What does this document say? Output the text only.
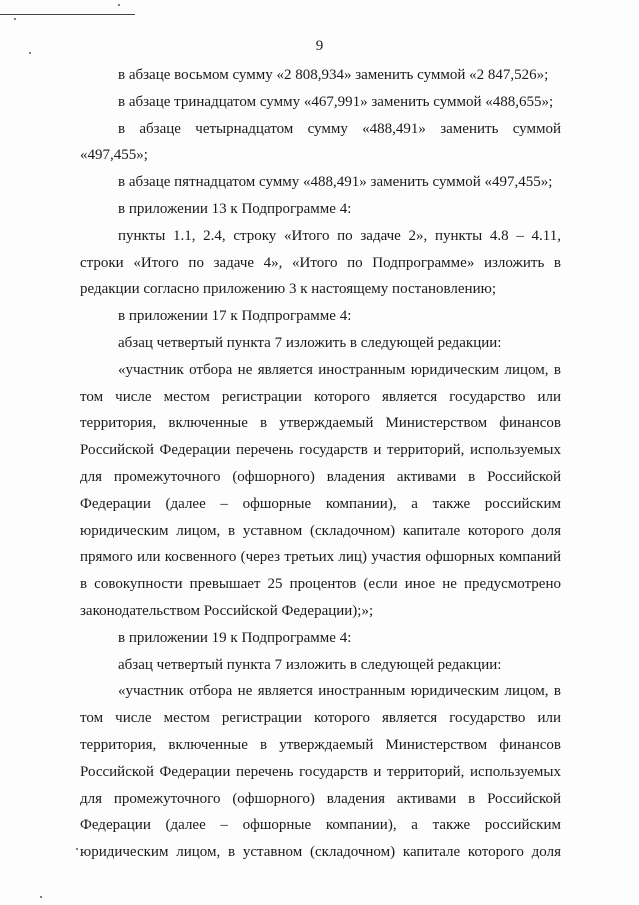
9
в абзаце восьмом сумму «2 808,934» заменить суммой «2 847,526»;
в абзаце тринадцатом сумму «467,991» заменить суммой «488,655»;
в абзаце четырнадцатом сумму «488,491» заменить суммой
«497,455»;
в абзаце пятнадцатом сумму «488,491» заменить суммой «497,455»;
в приложении 13 к Подпрограмме 4:
пункты 1.1, 2.4, строку «Итого по задаче 2», пункты 4.8 – 4.11,
строки «Итого по задаче 4», «Итого по Подпрограмме» изложить в
редакции согласно приложению 3 к настоящему постановлению;
в приложении 17 к Подпрограмме 4:
абзац четвертый пункта 7 изложить в следующей редакции:
«участник отбора не является иностранным юридическим лицом, в
том числе местом регистрации которого является государство или
территория, включенные в утверждаемый Министерством финансов
Российской Федерации перечень государств и территорий, используемых
для промежуточного (офшорного) владения активами в Российской
Федерации (далее – офшорные компании), а также российским
юридическим лицом, в уставном (складочном) капитале которого доля
прямого или косвенного (через третьих лиц) участия офшорных компаний
в совокупности превышает 25 процентов (если иное не предусмотрено
законодательством Российской Федерации);»;
в приложении 19 к Подпрограмме 4:
абзац четвертый пункта 7 изложить в следующей редакции:
«участник отбора не является иностранным юридическим лицом, в
том числе местом регистрации которого является государство или
территория, включенные в утверждаемый Министерством финансов
Российской Федерации перечень государств и территорий, используемых
для промежуточного (офшорного) владения активами в Российской
Федерации (далее – офшорные компании), а также российским
юридическим лицом, в уставном (складочном) капитале которого доля
